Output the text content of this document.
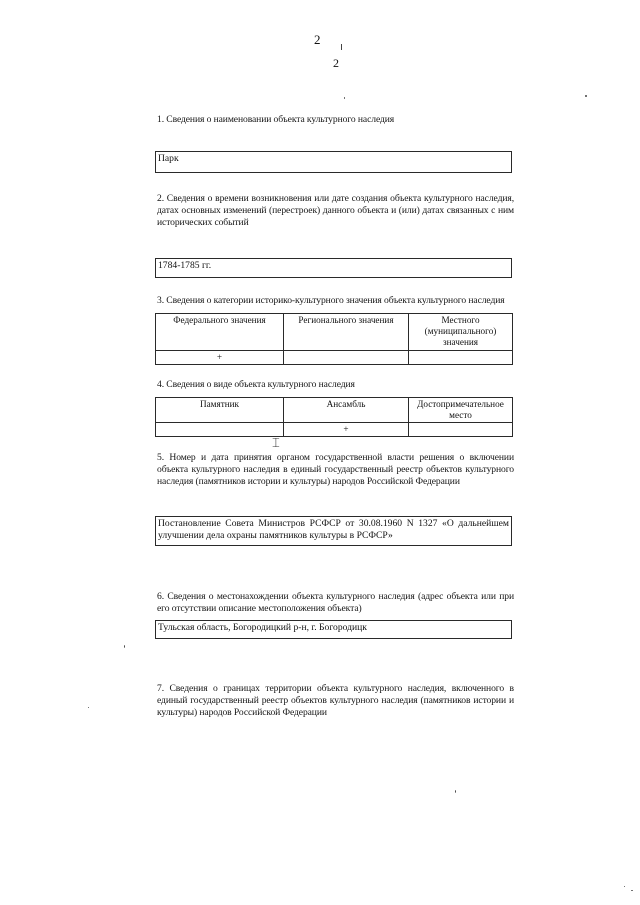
2
2
1. Сведения о наименовании объекта культурного наследия
Парк
2. Сведения о времени возникновения или дате создания объекта культурного наследия, датах основных изменений (перестроек) данного объекта и (или) датах связанных с ним исторических событий
1784-1785 гг.
3. Сведения о категории историко-культурного значения объекта культурного наследия
Федерального значения	Регионального значения	Местного (муниципального) значения
+		
4. Сведения о виде объекта культурного наследия
Памятник	Ансамбль	Достопримечательное место
	+	
⌶
5. Номер и дата принятия органом государственной власти решения о включении объекта культурного наследия в единый государственный реестр объектов культурного наследия (памятников истории и культуры) народов Российской Федерации
Постановление Совета Министров РСФСР от 30.08.1960 N 1327 «О дальнейшем улучшении дела охраны памятников культуры в РСФСР»
6. Сведения о местонахождении объекта культурного наследия (адрес объекта или при его отсутствии описание местоположения объекта)
Тульская область, Богородицкий р-н, г. Богородицк
7. Сведения о границах территории объекта культурного наследия, включенного в единый государственный реестр объектов культурного наследия (памятников истории и культуры) народов Российской Федерации
